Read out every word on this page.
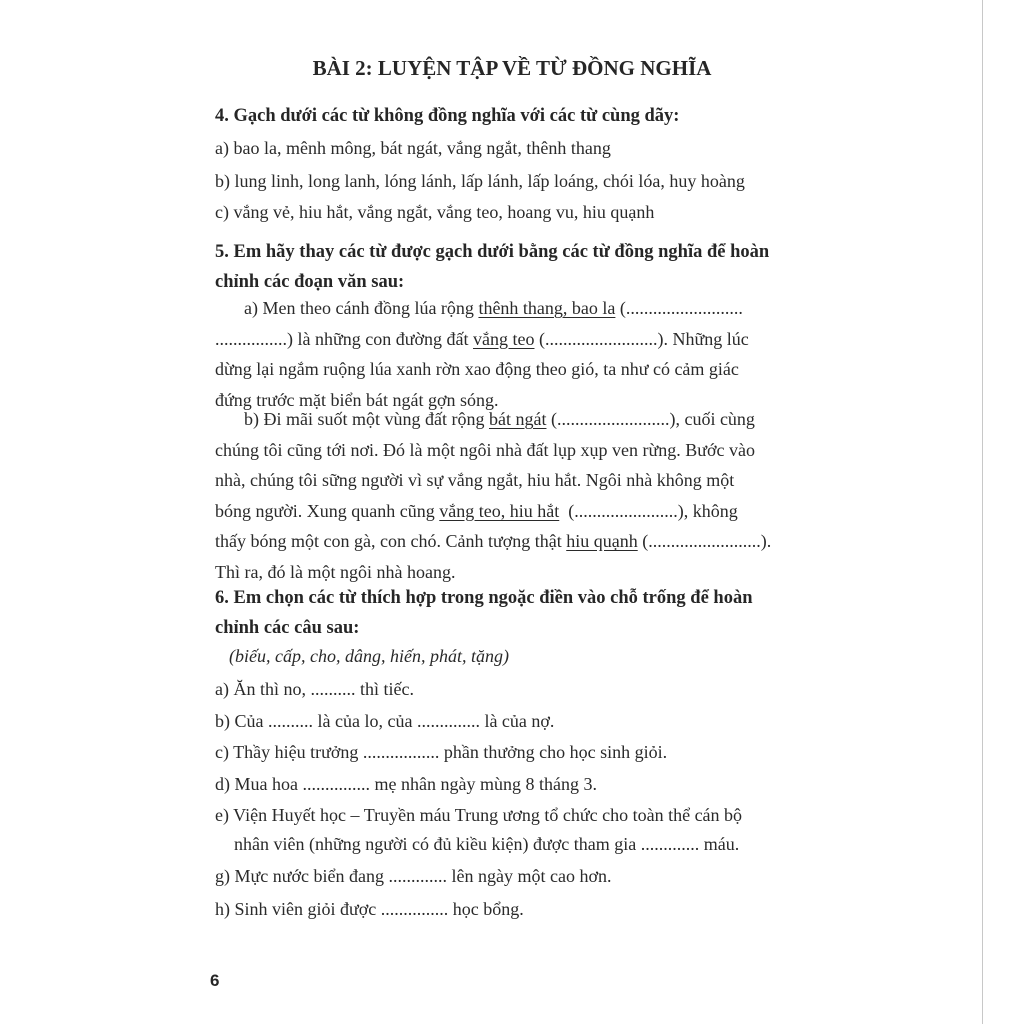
BÀI 2: LUYỆN TẬP VỀ TỪ ĐỒNG NGHĨA
4. Gạch dưới các từ không đồng nghĩa với các từ cùng dãy:
a) bao la, mênh mông, bát ngát, vắng ngắt, thênh thang
b) lung linh, long lanh, lóng lánh, lấp lánh, lấp loáng, chói lóa, huy hoàng
c) vắng vẻ, hiu hắt, vắng ngắt, vắng teo, hoang vu, hiu quạnh
5. Em hãy thay các từ được gạch dưới bằng các từ đồng nghĩa để hoàn
chỉnh các đoạn văn sau:
a) Men theo cánh đồng lúa rộng thênh thang, bao la (..........................
................) là những con đường đất vắng teo (.........................). Những lúc
dừng lại ngắm ruộng lúa xanh rờn xao động theo gió, ta như có cảm giác
đứng trước mặt biển bát ngát gợn sóng.
b) Đi mãi suốt một vùng đất rộng bát ngát (.........................), cuối cùng
chúng tôi cũng tới nơi. Đó là một ngôi nhà đất lụp xụp ven rừng. Bước vào
nhà, chúng tôi sững người vì sự vắng ngắt, hiu hắt. Ngôi nhà không một
bóng người. Xung quanh cũng vắng teo, hiu hắt  (.......................), không
thấy bóng một con gà, con chó. Cảnh tượng thật hiu quạnh (.........................).
Thì ra, đó là một ngôi nhà hoang.
6. Em chọn các từ thích hợp trong ngoặc điền vào chỗ trống để hoàn
chỉnh các câu sau:
(biếu, cấp, cho, dâng, hiến, phát, tặng)
a) Ăn thì no, .......... thì tiếc.
b) Của .......... là của lo, của .............. là của nợ.
c) Thầy hiệu trưởng ................. phần thưởng cho học sinh giỏi.
d) Mua hoa ............... mẹ nhân ngày mùng 8 tháng 3.
e) Viện Huyết học – Truyền máu Trung ương tổ chức cho toàn thể cán bộ
nhân viên (những người có đủ kiều kiện) được tham gia ............. máu.
g) Mực nước biển đang ............. lên ngày một cao hơn.
h) Sinh viên giỏi được ............... học bổng.
6
